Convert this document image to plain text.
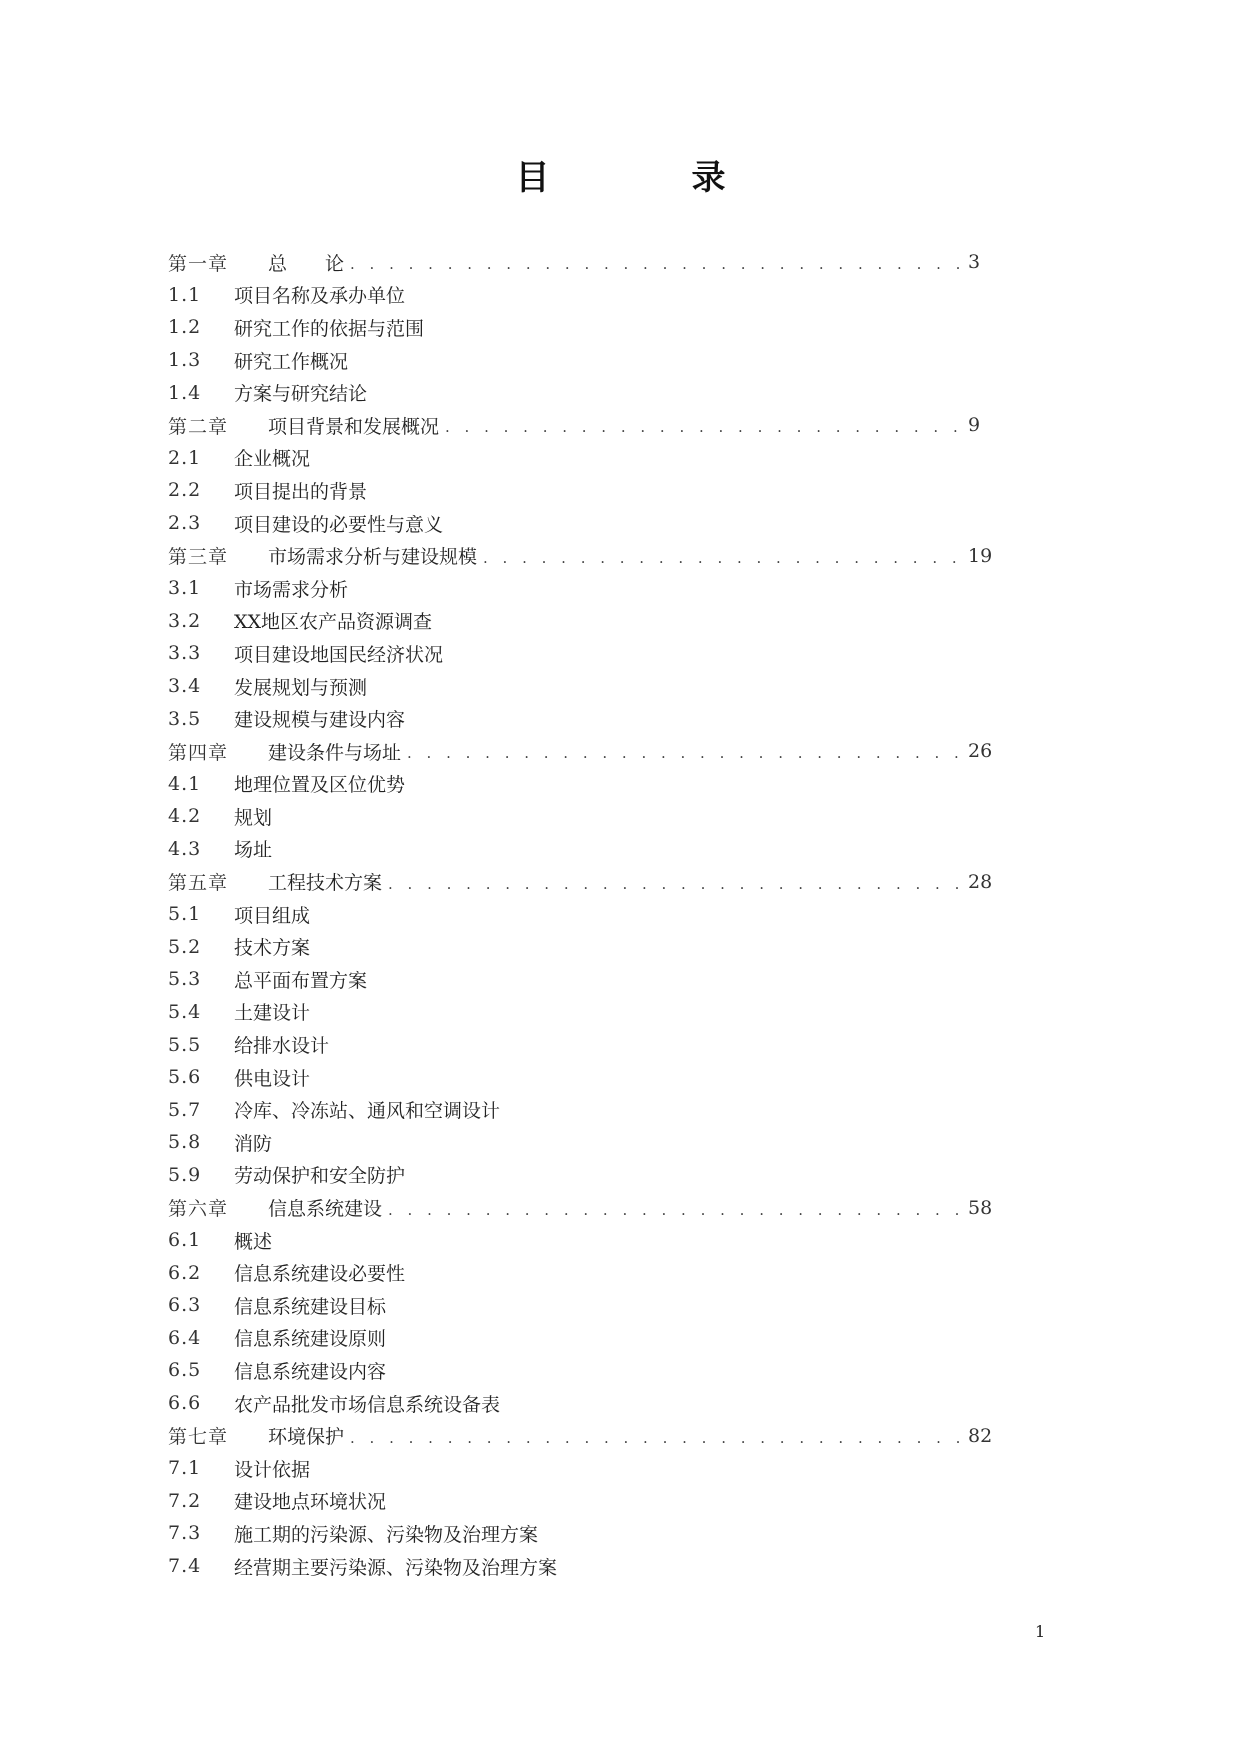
目　录
第一章	总　　论 . . .	3
1.1	项目名称及承办单位
1.2	研究工作的依据与范围
1.3	研究工作概况
1.4	方案与研究结论
第二章	项目背景和发展概况 . . .	9
2.1	企业概况
2.2	项目提出的背景
2.3	项目建设的必要性与意义
第三章	市场需求分析与建设规模 . . .	19
3.1	市场需求分析
3.2	XX地区农产品资源调查
3.3	项目建设地国民经济状况
3.4	发展规划与预测
3.5	建设规模与建设内容
第四章	建设条件与场址 . . .	26
4.1	地理位置及区位优势
4.2	规划
4.3	场址
第五章	工程技术方案 . . .	28
5.1	项目组成
5.2	技术方案
5.3	总平面布置方案
5.4	土建设计
5.5	给排水设计
5.6	供电设计
5.7	冷库、冷冻站、通风和空调设计
5.8	消防
5.9	劳动保护和安全防护
第六章	信息系统建设 . . .	58
6.1	概述
6.2	信息系统建设必要性
6.3	信息系统建设目标
6.4	信息系统建设原则
6.5	信息系统建设内容
6.6	农产品批发市场信息系统设备表
第七章	环境保护 . . .	82
7.1	设计依据
7.2	建设地点环境状况
7.3	施工期的污染源、污染物及治理方案
7.4	经营期主要污染源、污染物及治理方案
1
